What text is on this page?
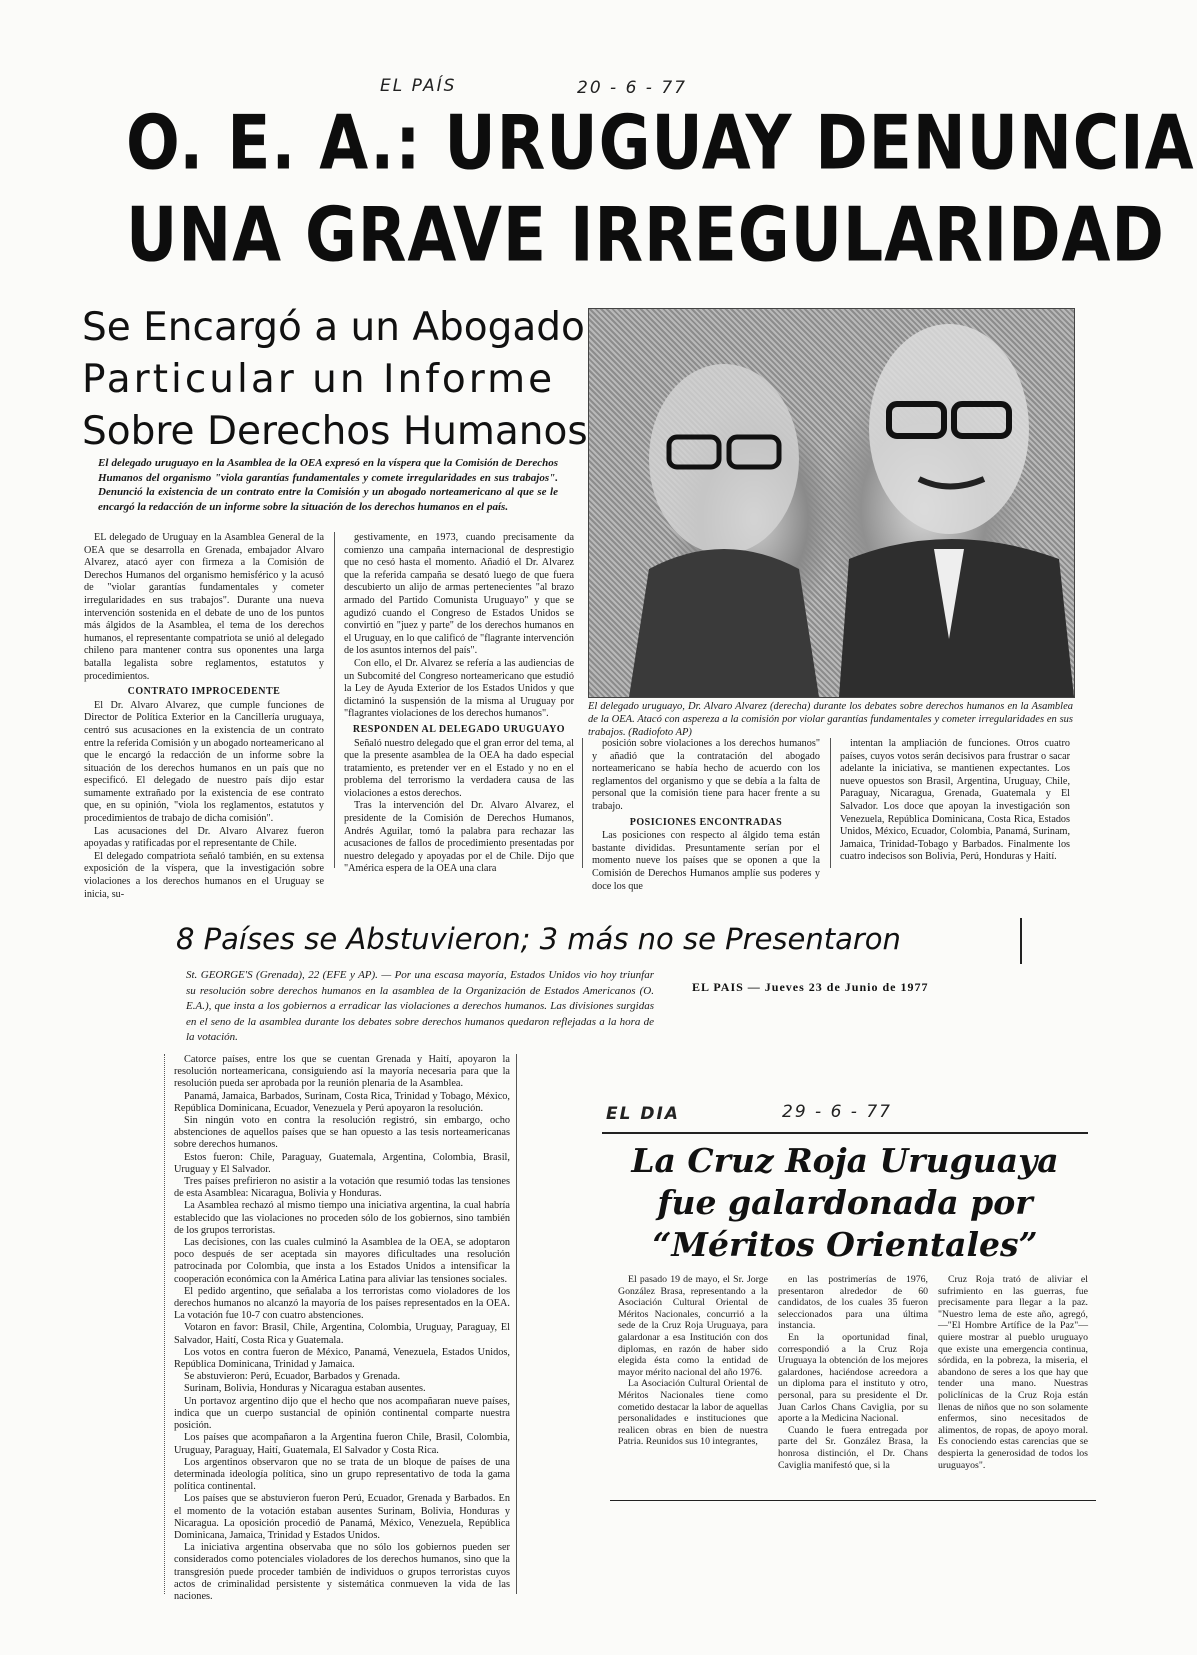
EL PAÍS	20 - 6 - 77
O. E. A.: URUGUAY DENUNCIA
UNA GRAVE IRREGULARIDAD
Se Encargó a un Abogado
Particular un Informe
Sobre Derechos Humanos
El delegado uruguayo en la Asamblea de la OEA expresó en la víspera que la Comisión de Derechos Humanos del organismo "viola garantías fundamentales y comete irregularidades en sus trabajos". Denunció la existencia de un contrato entre la Comisión y un abogado norteamericano al que se le encargó la redacción de un informe sobre la situación de los derechos humanos en el país.
El delegado uruguayo, Dr. Alvaro Alvarez (derecha) durante los debates sobre derechos humanos en la Asamblea de la OEA. Atacó con aspereza a la comisión por violar garantías fundamentales y cometer irregularidades en sus trabajos. (Radiofoto AP)

EL delegado de Uruguay en la Asamblea General de la OEA que se desarrolla en Grenada, embajador Alvaro Alvarez, atacó ayer con firmeza a la Comisión de Derechos Humanos del organismo hemisférico y la acusó de "violar garantías fundamentales y cometer irregularidades en sus trabajos". Durante una nueva intervención sostenida en el debate de uno de los puntos más álgidos de la Asamblea, el tema de los derechos humanos, el representante compatriota se unió al delegado chileno para mantener contra sus oponentes una larga batalla legalista sobre reglamentos, estatutos y procedimientos.

CONTRATO IMPROCEDENTE

El Dr. Alvaro Alvarez, que cumple funciones de Director de Política Exterior en la Cancillería uruguaya, centró sus acusaciones en la existencia de un contrato entre la referida Comisión y un abogado norteamericano al que le encargó la redacción de un informe sobre la situación de los derechos humanos en un país que no especificó. El delegado de nuestro país dijo estar sumamente extrañado por la existencia de ese contrato que, en su opinión, "viola los reglamentos, estatutos y procedimientos de trabajo de dicha comisión".

Las acusaciones del Dr. Alvaro Alvarez fueron apoyadas y ratificadas por el representante de Chile.

El delegado compatriota señaló también, en su extensa exposición de la víspera, que la investigación sobre violaciones a los derechos humanos en el Uruguay se inicia, su-

gestivamente, en 1973, cuando precisamente da comienzo una campaña internacional de desprestigio que no cesó hasta el momento. Añadió el Dr. Alvarez que la referida campaña se desató luego de que fuera descubierto un alijo de armas pertenecientes "al brazo armado del Partido Comunista Uruguayo" y que se agudizó cuando el Congreso de Estados Unidos se convirtió en "juez y parte" de los derechos humanos en el Uruguay, en lo que calificó de "flagrante intervención de los asuntos internos del país".

Con ello, el Dr. Alvarez se refería a las audiencias de un Subcomité del Congreso norteamericano que estudió la Ley de Ayuda Exterior de los Estados Unidos y que dictaminó la suspensión de la misma al Uruguay por "flagrantes violaciones de los derechos humanos".

RESPONDEN AL DELEGADO URUGUAYO

Señaló nuestro delegado que el gran error del tema, al que la presente asamblea de la OEA ha dado especial tratamiento, es pretender ver en el Estado y no en el problema del terrorismo la verdadera causa de las violaciones a estos derechos.

Tras la intervención del Dr. Alvaro Alvarez, el presidente de la Comisión de Derechos Humanos, Andrés Aguilar, tomó la palabra para rechazar las acusaciones de fallos de procedimiento presentadas por nuestro delegado y apoyadas por el de Chile. Dijo que "América espera de la OEA una clara

posición sobre violaciones a los derechos humanos" y añadió que la contratación del abogado norteamericano se había hecho de acuerdo con los reglamentos del organismo y que se debía a la falta de personal que la comisión tiene para hacer frente a su trabajo.

POSICIONES ENCONTRADAS

Las posiciones con respecto al álgido tema están bastante divididas. Presuntamente serían por el momento nueve los países que se oponen a que la Comisión de Derechos Humanos amplíe sus poderes y doce los que

intentan la ampliación de funciones. Otros cuatro países, cuyos votos serán decisivos para frustrar o sacar adelante la iniciativa, se mantienen expectantes. Los nueve opuestos son Brasil, Argentina, Uruguay, Chile, Paraguay, Nicaragua, Grenada, Guatemala y El Salvador. Los doce que apoyan la investigación son Venezuela, República Dominicana, Costa Rica, Estados Unidos, México, Ecuador, Colombia, Panamá, Surinam, Jamaica, Trinidad-Tobago y Barbados. Finalmente los cuatro indecisos son Bolivia, Perú, Honduras y Haití.

8 Países se Abstuvieron; 3 más no se Presentaron
St. GEORGE'S (Grenada), 22 (EFE y AP). — Por una escasa mayoría, Estados Unidos vio hoy triunfar su resolución sobre derechos humanos en la asamblea de la Organización de Estados Americanos (O. E.A.), que insta a los gobiernos a erradicar las violaciones a derechos humanos. Las divisiones surgidas en el seno de la asamblea durante los debates sobre derechos humanos quedaron reflejadas a la hora de la votación.
EL PAIS — Jueves 23 de Junio de 1977

Catorce países, entre los que se cuentan Grenada y Haití, apoyaron la resolución norteamericana, consiguiendo así la mayoría necesaria para que la resolución pueda ser aprobada por la reunión plenaria de la Asamblea.

Panamá, Jamaica, Barbados, Surinam, Costa Rica, Trinidad y Tobago, México, República Dominicana, Ecuador, Venezuela y Perú apoyaron la resolución.

Sin ningún voto en contra la resolución registró, sin embargo, ocho abstenciones de aquellos países que se han opuesto a las tesis norteamericanas sobre derechos humanos.

Estos fueron: Chile, Paraguay, Guatemala, Argentina, Colombia, Brasil, Uruguay y El Salvador.

Tres países prefirieron no asistir a la votación que resumió todas las tensiones de esta Asamblea: Nicaragua, Bolivia y Honduras.

La Asamblea rechazó al mismo tiempo una iniciativa argentina, la cual habría establecido que las violaciones no proceden sólo de los gobiernos, sino también de los grupos terroristas.

Las decisiones, con las cuales culminó la Asamblea de la OEA, se adoptaron poco después de ser aceptada sin mayores dificultades una resolución patrocinada por Colombia, que insta a los Estados Unidos a intensificar la cooperación económica con la América Latina para aliviar las tensiones sociales.

El pedido argentino, que señalaba a los terroristas como violadores de los derechos humanos no alcanzó la mayoría de los países representados en la OEA. La votación fue 10-7 con cuatro abstenciones.

Votaron en favor: Brasil, Chile, Argentina, Colombia, Uruguay, Paraguay, El Salvador, Haití, Costa Rica y Guatemala.

Los votos en contra fueron de México, Panamá, Venezuela, Estados Unidos, República Dominicana, Trinidad y Jamaica.

Se abstuvieron: Perú, Ecuador, Barbados y Grenada.

Surinam, Bolivia, Honduras y Nicaragua estaban ausentes.

Un portavoz argentino dijo que el hecho que nos acompañaran nueve países, indica que un cuerpo sustancial de opinión continental comparte nuestra posición.

Los países que acompañaron a la Argentina fueron Chile, Brasil, Colombia, Uruguay, Paraguay, Haití, Guatemala, El Salvador y Costa Rica.

Los argentinos observaron que no se trata de un bloque de países de una determinada ideología política, sino un grupo representativo de toda la gama política continental.

Los países que se abstuvieron fueron Perú, Ecuador, Grenada y Barbados. En el momento de la votación estaban ausentes Surinam, Bolivia, Honduras y Nicaragua. La oposición procedió de Panamá, México, Venezuela, República Dominicana, Jamaica, Trinidad y Estados Unidos.

La iniciativa argentina observaba que no sólo los gobiernos pueden ser considerados como potenciales violadores de los derechos humanos, sino que la transgresión puede proceder también de individuos o grupos terroristas cuyos actos de criminalidad persistente y sistemática conmueven la vida de las naciones.

EL DIA	29 - 6 - 77
La Cruz Roja Uruguaya
fue galardonada por
“Méritos Orientales”

El pasado 19 de mayo, el Sr. Jorge González Brasa, representando a la Asociación Cultural Oriental de Méritos Nacionales, concurrió a la sede de la Cruz Roja Uruguaya, para galardonar a esa Institución con dos diplomas, en razón de haber sido elegida ésta como la entidad de mayor mérito nacional del año 1976.

La Asociación Cultural Oriental de Méritos Nacionales tiene como cometido destacar la labor de aquellas personalidades e instituciones que realicen obras en bien de nuestra Patria. Reunidos sus 10 integrantes,

en las postrimerías de 1976, presentaron alrededor de 60 candidatos, de los cuales 35 fueron seleccionados para una última instancia.

En la oportunidad final, correspondió a la Cruz Roja Uruguaya la obtención de los mejores galardones, haciéndose acreedora a un diploma para el instituto y otro, personal, para su presidente el Dr. Juan Carlos Chans Caviglia, por su aporte a la Medicina Nacional.

Cuando le fuera entregada por parte del Sr. González Brasa, la honrosa distinción, el Dr. Chans Caviglia manifestó que, si la

Cruz Roja trató de aliviar el sufrimiento en las guerras, fue precisamente para llegar a la paz. "Nuestro lema de este año, agregó, —"El Hombre Artífice de la Paz"— quiere mostrar al pueblo uruguayo que existe una emergencia continua, sórdida, en la pobreza, la miseria, el abandono de seres a los que hay que tender una mano. Nuestras policlínicas de la Cruz Roja están llenas de niños que no son solamente enfermos, sino necesitados de alimentos, de ropas, de apoyo moral. Es conociendo estas carencias que se despierta la generosidad de todos los uruguayos".
